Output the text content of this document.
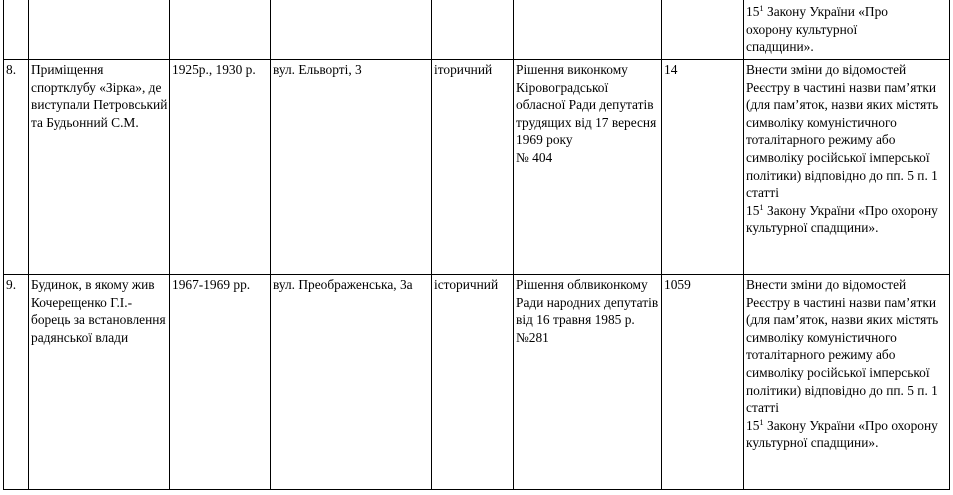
							$15^1$ Закону України «Про
охорону культурної
спадщини».

8.	Приміщення спортклубу «Зірка», де виступали Петровський та Будьонний С.М.	1925р., 1930 р.	вул. Ельворті, 3	іторичний	Рішення виконкому Кіровоградської обласної Ради депутатів трудящих від 17 вересня 1969 року
№ 404	14	Внести зміни до відомостей Реєстру в частині назви пам’ятки (для пам’яток, назви яких містять символіку комуністичного тоталітарного режиму або символіку російської імперської політики) відповідно до пп. 5 п. 1 статті
$15^1$ Закону України «Про охорону культурної спадщини».
9.	Будинок, в якому жив Кочерещенко Г.І.- борець за встановлення радянської влади	1967-1969 рр.	вул. Преображенська, 3а	історичний	Рішення облвиконкому Ради народних депутатів від 16 травня 1985 р. №281	1059	Внести зміни до відомостей Реєстру в частині назви пам’ятки (для пам’яток, назви яких містять символіку комуністичного тоталітарного режиму або символіку російської імперської політики) відповідно до пп. 5 п. 1 статті
$15^1$ Закону України «Про охорону культурної спадщини».
